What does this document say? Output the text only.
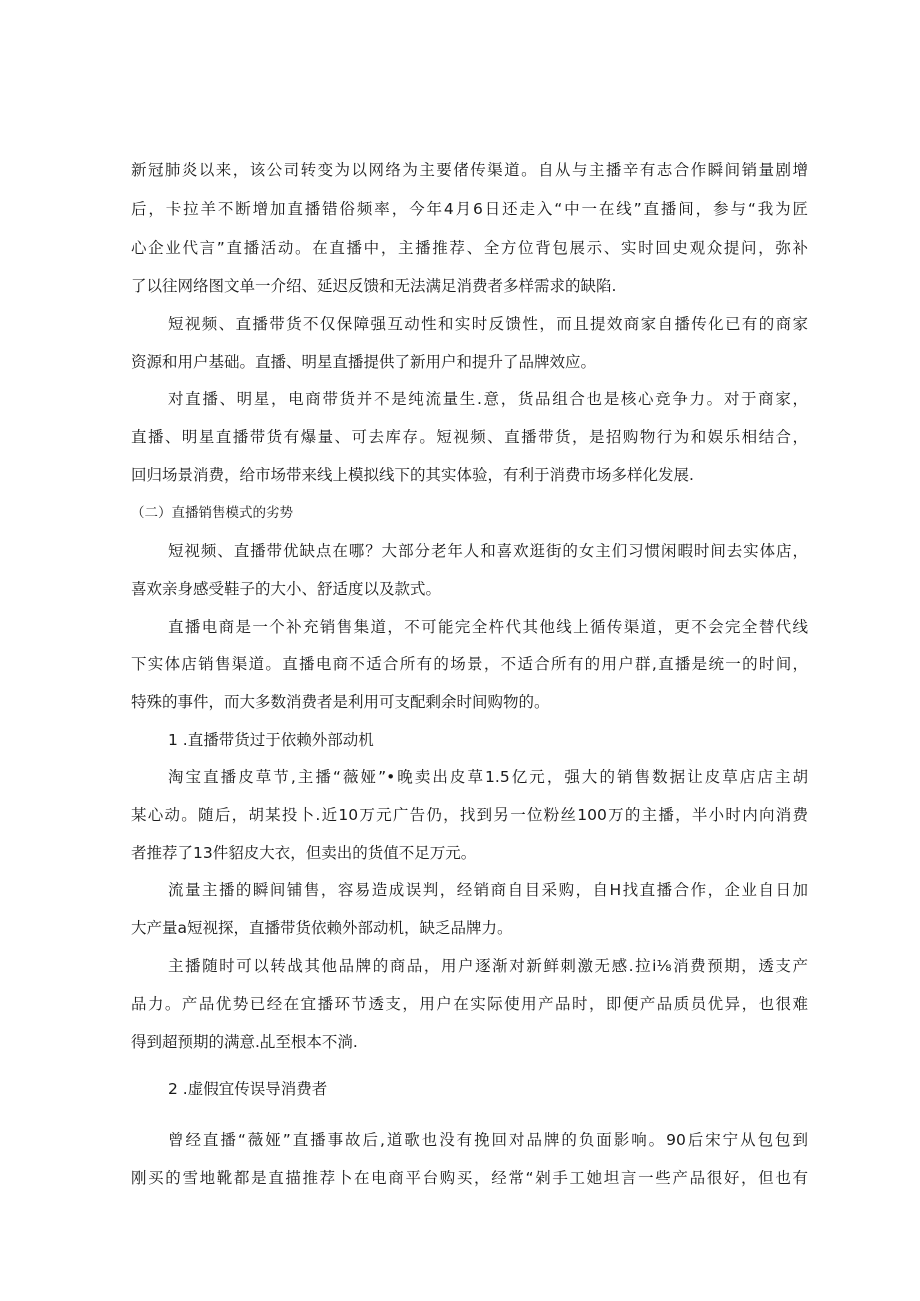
新冠肺炎以来，该公司转变为以网络为主要偖传渠道。自从与主播辛有志合作瞬间销量剧增
后，卡拉羊不断增加直播错俗频率，今年4月6日还走入“中一在线”直播间，参与“我为匠
心企业代言”直播活动。在直播中，主播推荐、全方位背包展示、实时回史观众提问，弥补
了以往网络图文单一介绍、延迟反馈和无法满足消费者多样需求的缺陷.
短视频、直播带货不仅保障强互动性和实时反馈性，而且提效商家自播传化已有的商家
资源和用户基础。直播、明星直播提供了新用户和提升了品牌效应。
对直播、明星，电商带货并不是纯流量生.意，货品组合也是核心竞争力。对于商家，
直播、明星直播带货有爆量、可去库存。短视频、直播带货，是招购物行为和娱乐相结合，
回归场景消费，给市场带来线上模拟线下的其实体验，有利于消费市场多样化发展.
（二）直播销售模式的劣势
短视频、直播带优缺点在哪？大部分老年人和喜欢逛街的女主们习惯闲暇时间去实体店，
喜欢亲身感受鞋子的大小、舒适度以及款式。
直播电商是一个补充销售集道，不可能完全杵代其他线上循传渠道，更不会完全替代线
下实体店销售渠道。直播电商不适合所有的场景，不适合所有的用户群,直播是统一的时间，
特殊的事件，而大多数消费者是利用可支配剩余时间购物的。
1 .直播带货过于依赖外部动机
淘宝直播皮草节,主播“薇娅”•晚卖出皮草1.5亿元，强大的销售数据让皮草店店主胡
某心动。随后，胡某投卜.近10万元广告仍，找到另一位粉丝100万的主播，半小时内向消费
者推荐了13件貂皮大衣，但卖出的货值不足万元。
流量主播的瞬间铺售，容易造成误判，经销商自目采购，自H找直播合作，企业自日加
大产量a短视探，直播带货依赖外部动机，缺乏品牌力。
主播随时可以转战其他品牌的商品，用户逐渐对新鲜刺激无感.拉i⅛消费预期，透支产
品力。产品优势已经在宜播环节透支，用户在实际使用产品时，即便产品质员优异，也很难
得到超预期的满意.乩至根本不淌.
2 .虚假宜传误导消费者
曾经直播“薇娅”直播事故后,道歌也没有挽回对品牌的负面影响。90后宋宁从包包到
刚买的雪地靴都是直描推荐卜在电商平台购买，经常“剁手工她坦言一些产品很好，但也有
